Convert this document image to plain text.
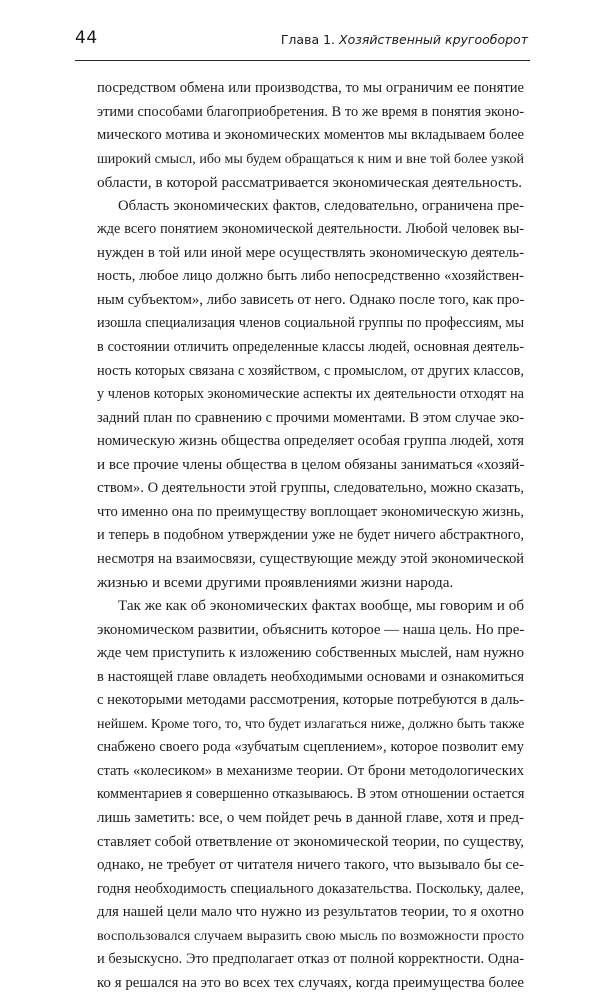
44	Глава 1. Хозяйственный кругооборот
посредством обмена или производства, то мы ограничим ее понятие
этими способами благоприобретения. В то же время в понятия эконо-
мического мотива и экономических моментов мы вкладываем более
широкий смысл, ибо мы будем обращаться к ним и вне той более узкой
области, в которой рассматривается экономическая деятельность.
Область экономических фактов, следовательно, ограничена пре-
жде всего понятием экономической деятельности. Любой человек вы-
нужден в той или иной мере осуществлять экономическую деятель-
ность, любое лицо должно быть либо непосредственно «хозяйствен-
ным субъектом», либо зависеть от него. Однако после того, как про-
изошла специализация членов социальной группы по профессиям, мы
в состоянии отличить определенные классы людей, основная деятель-
ность которых связана с хозяйством, с промыслом, от других классов,
у членов которых экономические аспекты их деятельности отходят на
задний план по сравнению с прочими моментами. В этом случае эко-
номическую жизнь общества определяет особая группа людей, хотя
и все прочие члены общества в целом обязаны заниматься «хозяй-
ством». О деятельности этой группы, следовательно, можно сказать,
что именно она по преимуществу воплощает экономическую жизнь,
и теперь в подобном утверждении уже не будет ничего абстрактного,
несмотря на взаимосвязи, существующие между этой экономической
жизнью и всеми другими проявлениями жизни народа.
Так же как об экономических фактах вообще, мы говорим и об
экономическом развитии, объяснить которое — наша цель. Но пре-
жде чем приступить к изложению собственных мыслей, нам нужно
в настоящей главе овладеть необходимыми основами и ознакомиться
с некоторыми методами рассмотрения, которые потребуются в даль-
нейшем. Кроме того, то, что будет излагаться ниже, должно быть также
снабжено своего рода «зубчатым сцеплением», которое позволит ему
стать «колесиком» в механизме теории. От брони методологических
комментариев я совершенно отказываюсь. В этом отношении остается
лишь заметить: все, о чем пойдет речь в данной главе, хотя и пред-
ставляет собой ответвление от экономической теории, по существу,
однако, не требует от читателя ничего такого, что вызывало бы се-
годня необходимость специального доказательства. Поскольку, далее,
для нашей цели мало что нужно из результатов теории, то я охотно
воспользовался случаем выразить свою мысль по возможности просто
и безыскусно. Это предполагает отказ от полной корректности. Одна-
ко я решался на это во всех тех случаях, когда преимущества более
